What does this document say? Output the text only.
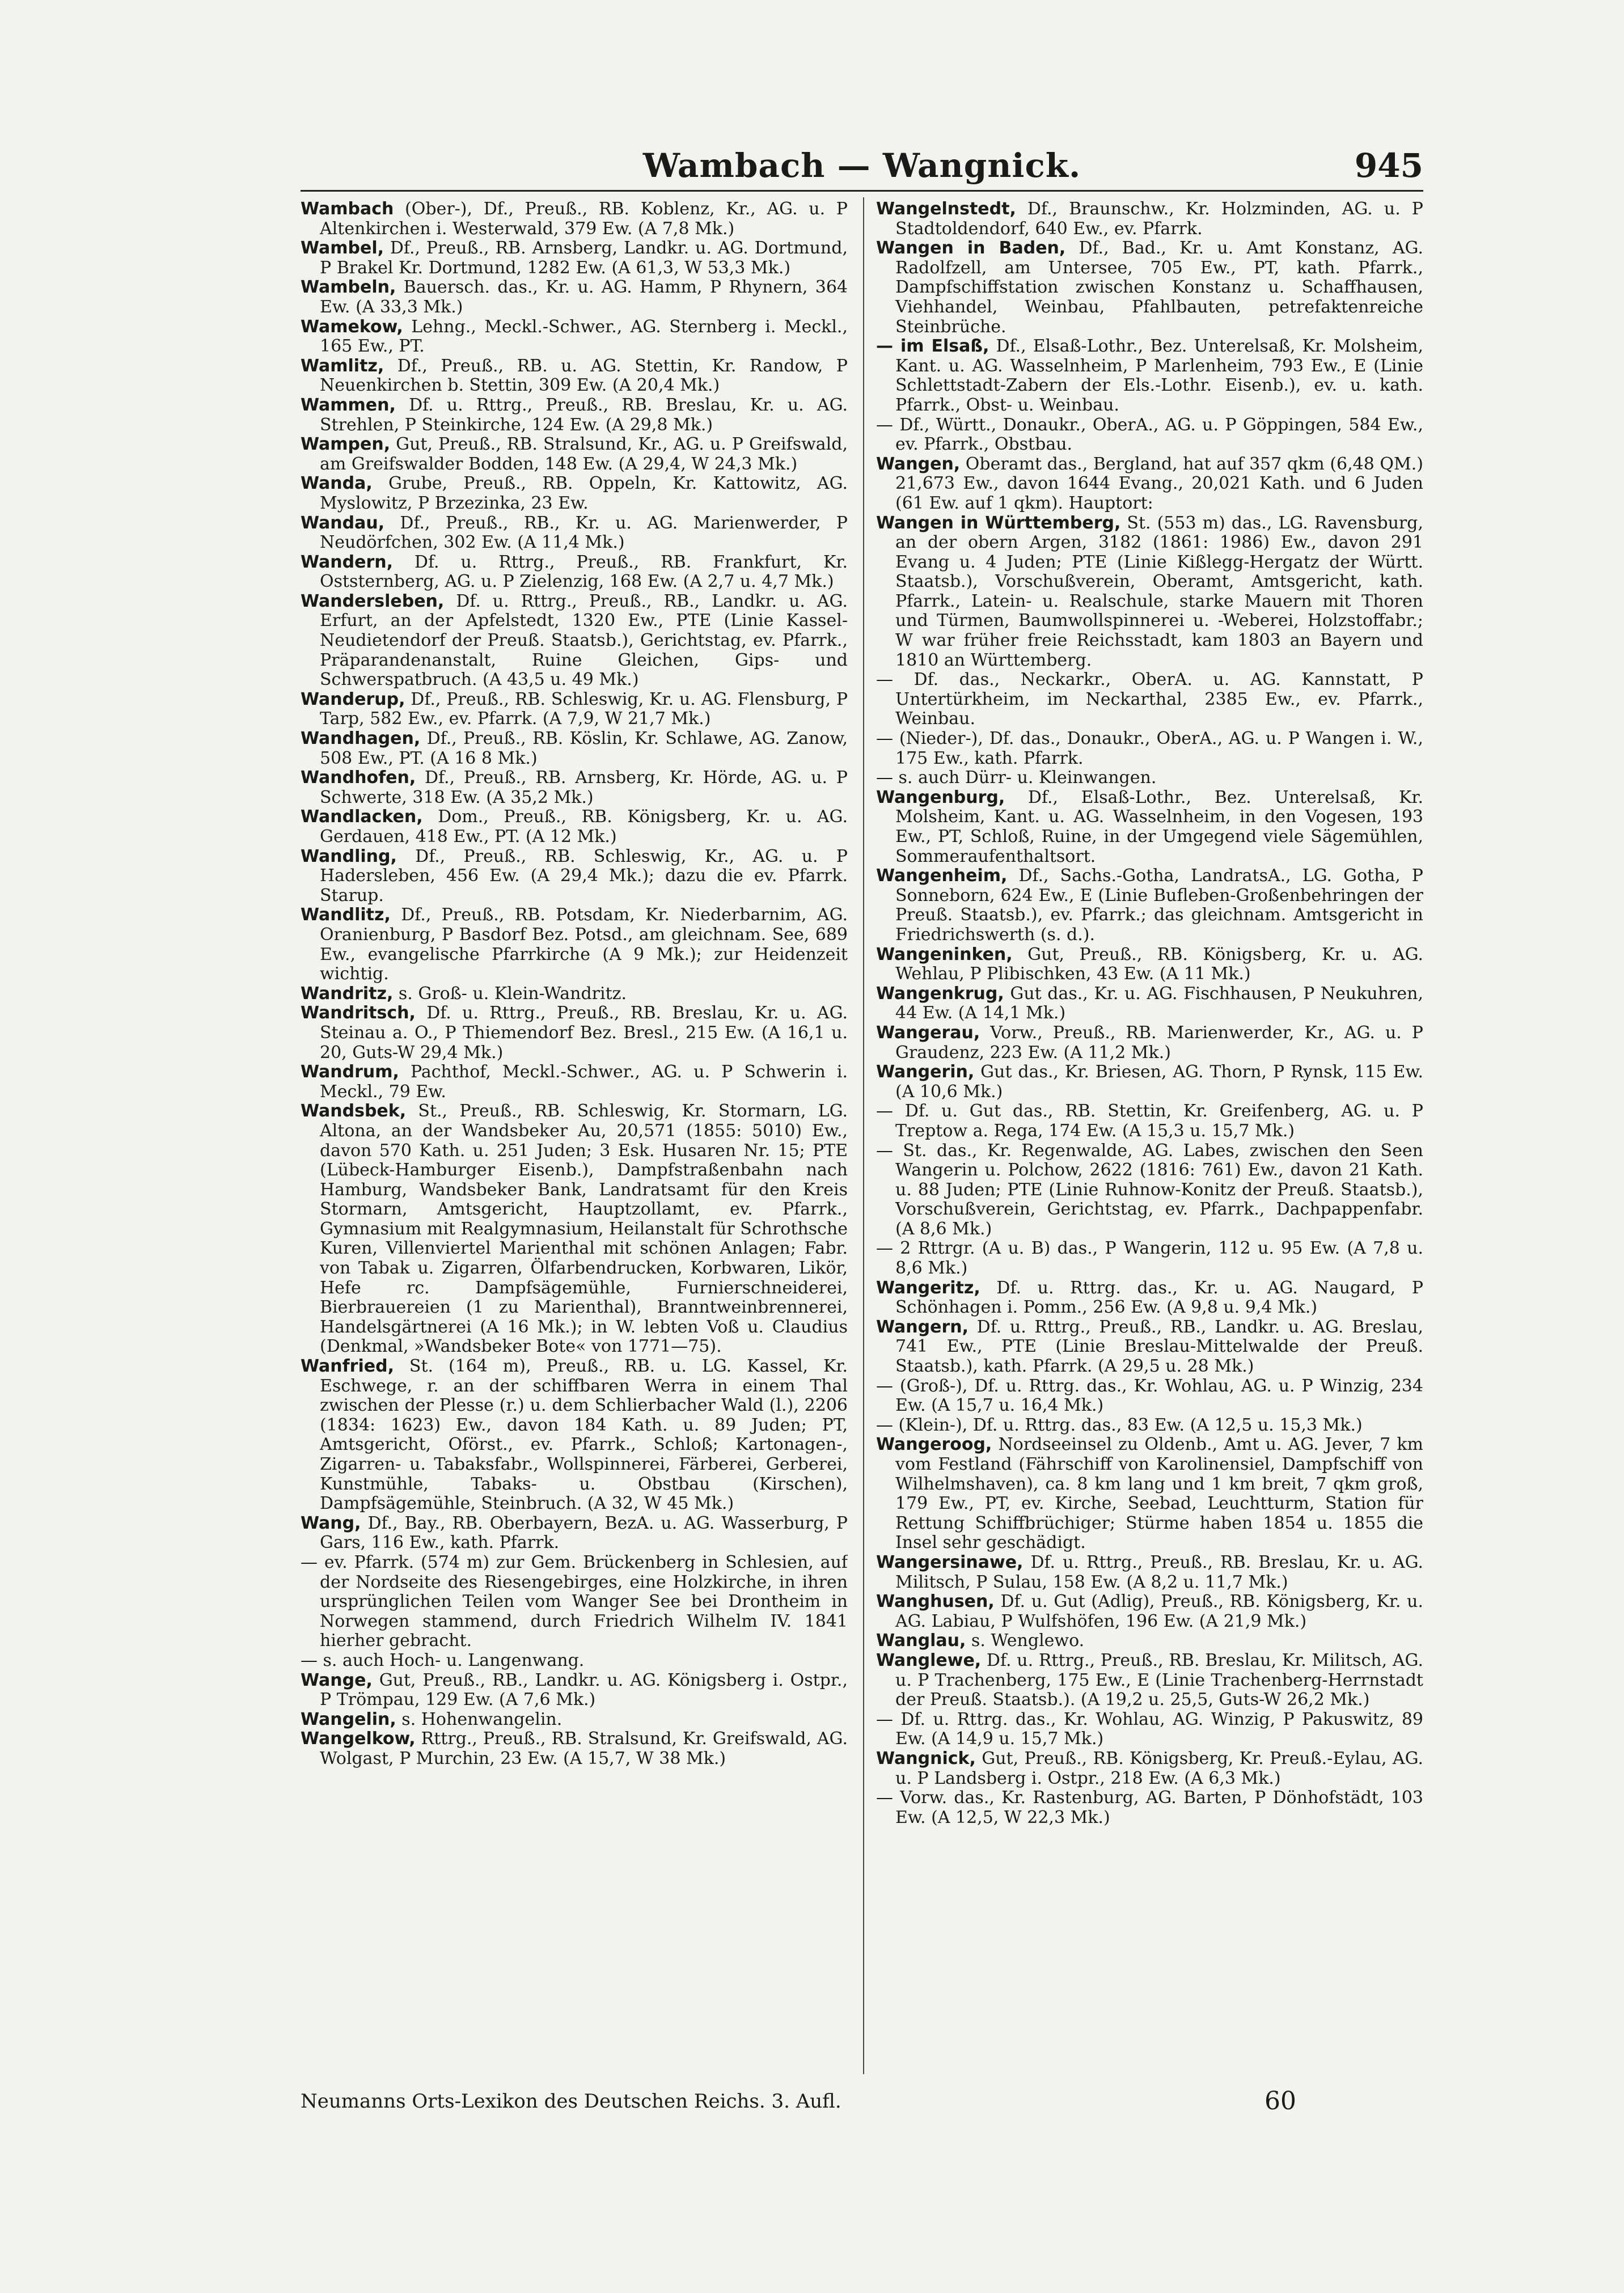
Wambach — Wangnick.	945

Wambach (Ober-), Df., Preuß., RB. Koblenz, Kr., AG. u. P Altenkirchen i. Westerwald, 379 Ew. (A 7,8 Mk.)

Wambel, Df., Preuß., RB. Arnsberg, Landkr. u. AG. Dortmund, P Brakel Kr. Dortmund, 1282 Ew. (A 61,3, W 53,3 Mk.)

Wambeln, Bauersch. das., Kr. u. AG. Hamm, P Rhynern, 364 Ew. (A 33,3 Mk.)

Wamekow, Lehng., Meckl.-Schwer., AG. Sternberg i. Meckl., 165 Ew., PT.

Wamlitz, Df., Preuß., RB. u. AG. Stettin, Kr. Randow, P Neuenkirchen b. Stettin, 309 Ew. (A 20,4 Mk.)

Wammen, Df. u. Rttrg., Preuß., RB. Breslau, Kr. u. AG. Strehlen, P Steinkirche, 124 Ew. (A 29,8 Mk.)

Wampen, Gut, Preuß., RB. Stralsund, Kr., AG. u. P Greifswald, am Greifswalder Bodden, 148 Ew. (A 29,4, W 24,3 Mk.)

Wanda, Grube, Preuß., RB. Oppeln, Kr. Kattowitz, AG. Myslowitz, P Brzezinka, 23 Ew.

Wandau, Df., Preuß., RB., Kr. u. AG. Marienwerder, P Neudörfchen, 302 Ew. (A 11,4 Mk.)

Wandern, Df. u. Rttrg., Preuß., RB. Frankfurt, Kr. Oststernberg, AG. u. P Zielenzig, 168 Ew. (A 2,7 u. 4,7 Mk.)

Wandersleben, Df. u. Rttrg., Preuß., RB., Landkr. u. AG. Erfurt, an der Apfelstedt, 1320 Ew., PTE (Linie Kassel-Neudietendorf der Preuß. Staatsb.), Gerichtstag, ev. Pfarrk., Präparandenanstalt, Ruine Gleichen, Gips- und Schwerspatbruch. (A 43,5 u. 49 Mk.)

Wanderup, Df., Preuß., RB. Schleswig, Kr. u. AG. Flensburg, P Tarp, 582 Ew., ev. Pfarrk. (A 7,9, W 21,7 Mk.)

Wandhagen, Df., Preuß., RB. Köslin, Kr. Schlawe, AG. Zanow, 508 Ew., PT. (A 16 8 Mk.)

Wandhofen, Df., Preuß., RB. Arnsberg, Kr. Hörde, AG. u. P Schwerte, 318 Ew. (A 35,2 Mk.)

Wandlacken, Dom., Preuß., RB. Königsberg, Kr. u. AG. Gerdauen, 418 Ew., PT. (A 12 Mk.)

Wandling, Df., Preuß., RB. Schleswig, Kr., AG. u. P Hadersleben, 456 Ew. (A 29,4 Mk.); dazu die ev. Pfarrk. Starup.

Wandlitz, Df., Preuß., RB. Potsdam, Kr. Niederbarnim, AG. Oranienburg, P Basdorf Bez. Potsd., am gleichnam. See, 689 Ew., evangelische Pfarrkirche (A 9 Mk.); zur Heidenzeit wichtig.

Wandritz, s. Groß- u. Klein-Wandritz.

Wandritsch, Df. u. Rttrg., Preuß., RB. Breslau, Kr. u. AG. Steinau a. O., P Thiemendorf Bez. Bresl., 215 Ew. (A 16,1 u. 20, Guts-W 29,4 Mk.)

Wandrum, Pachthof, Meckl.-Schwer., AG. u. P Schwerin i. Meckl., 79 Ew.

Wandsbek, St., Preuß., RB. Schleswig, Kr. Stormarn, LG. Altona, an der Wandsbeker Au, 20,571 (1855: 5010) Ew., davon 570 Kath. u. 251 Juden; 3 Esk. Husaren Nr. 15; PTE (Lübeck-Hamburger Eisenb.), Dampfstraßenbahn nach Hamburg, Wandsbeker Bank, Landratsamt für den Kreis Stormarn, Amtsgericht, Hauptzollamt, ev. Pfarrk., Gymnasium mit Realgymnasium, Heilanstalt für Schrothsche Kuren, Villenviertel Marienthal mit schönen Anlagen; Fabr. von Tabak u. Zigarren, Ölfarbendrucken, Korbwaren, Likör, Hefe rc. Dampfsägemühle, Furnierschneiderei, Bierbrauereien (1 zu Marienthal), Branntweinbrennerei, Handelsgärtnerei (A 16 Mk.); in W. lebten Voß u. Claudius (Denkmal, »Wandsbeker Bote« von 1771—75).

Wanfried, St. (164 m), Preuß., RB. u. LG. Kassel, Kr. Eschwege, r. an der schiffbaren Werra in einem Thal zwischen der Plesse (r.) u. dem Schlierbacher Wald (l.), 2206 (1834: 1623) Ew., davon 184 Kath. u. 89 Juden; PT, Amtsgericht, Oförst., ev. Pfarrk., Schloß; Kartonagen-, Zigarren- u. Tabaksfabr., Wollspinnerei, Färberei, Gerberei, Kunstmühle, Tabaks- u. Obstbau (Kirschen), Dampfsägemühle, Steinbruch. (A 32, W 45 Mk.)

Wang, Df., Bay., RB. Oberbayern, BezA. u. AG. Wasserburg, P Gars, 116 Ew., kath. Pfarrk.

— ev. Pfarrk. (574 m) zur Gem. Brückenberg in Schlesien, auf der Nordseite des Riesengebirges, eine Holzkirche, in ihren ursprünglichen Teilen vom Wanger See bei Drontheim in Norwegen stammend, durch Friedrich Wilhelm IV. 1841 hierher gebracht.

— s. auch Hoch- u. Langenwang.

Wange, Gut, Preuß., RB., Landkr. u. AG. Königsberg i. Ostpr., P Trömpau, 129 Ew. (A 7,6 Mk.)

Wangelin, s. Hohenwangelin.

Wangelkow, Rttrg., Preuß., RB. Stralsund, Kr. Greifswald, AG. Wolgast, P Murchin, 23 Ew. (A 15,7, W 38 Mk.)

Wangelnstedt, Df., Braunschw., Kr. Holzminden, AG. u. P Stadtoldendorf, 640 Ew., ev. Pfarrk.

Wangen in Baden, Df., Bad., Kr. u. Amt Konstanz, AG. Radolfzell, am Untersee, 705 Ew., PT, kath. Pfarrk., Dampfschiffstation zwischen Konstanz u. Schaffhausen, Viehhandel, Weinbau, Pfahlbauten, petrefaktenreiche Steinbrüche.

— im Elsaß, Df., Elsaß-Lothr., Bez. Unterelsaß, Kr. Molsheim, Kant. u. AG. Wasselnheim, P Marlenheim, 793 Ew., E (Linie Schlettstadt-Zabern der Els.-Lothr. Eisenb.), ev. u. kath. Pfarrk., Obst- u. Weinbau.

— Df., Württ., Donaukr., OberA., AG. u. P Göppingen, 584 Ew., ev. Pfarrk., Obstbau.

Wangen, Oberamt das., Bergland, hat auf 357 qkm (6,48 QM.) 21,673 Ew., davon 1644 Evang., 20,021 Kath. und 6 Juden (61 Ew. auf 1 qkm). Hauptort:

Wangen in Württemberg, St. (553 m) das., LG. Ravensburg, an der obern Argen, 3182 (1861: 1986) Ew., davon 291 Evang u. 4 Juden; PTE (Linie Kißlegg-Hergatz der Württ. Staatsb.), Vorschußverein, Oberamt, Amtsgericht, kath. Pfarrk., Latein- u. Realschule, starke Mauern mit Thoren und Türmen, Baumwollspinnerei u. -Weberei, Holzstoffabr.; W war früher freie Reichsstadt, kam 1803 an Bayern und 1810 an Württemberg.

— Df. das., Neckarkr., OberA. u. AG. Kannstatt, P Untertürkheim, im Neckarthal, 2385 Ew., ev. Pfarrk., Weinbau.

— (Nieder-), Df. das., Donaukr., OberA., AG. u. P Wangen i. W., 175 Ew., kath. Pfarrk.

— s. auch Dürr- u. Kleinwangen.

Wangenburg, Df., Elsaß-Lothr., Bez. Unterelsaß, Kr. Molsheim, Kant. u. AG. Wasselnheim, in den Vogesen, 193 Ew., PT, Schloß, Ruine, in der Umgegend viele Sägemühlen, Sommeraufenthaltsort.

Wangenheim, Df., Sachs.-Gotha, LandratsA., LG. Gotha, P Sonneborn, 624 Ew., E (Linie Bufleben-Großenbehringen der Preuß. Staatsb.), ev. Pfarrk.; das gleichnam. Amtsgericht in Friedrichswerth (s. d.).

Wangeninken, Gut, Preuß., RB. Königsberg, Kr. u. AG. Wehlau, P Plibischken, 43 Ew. (A 11 Mk.)

Wangenkrug, Gut das., Kr. u. AG. Fischhausen, P Neukuhren, 44 Ew. (A 14,1 Mk.)

Wangerau, Vorw., Preuß., RB. Marienwerder, Kr., AG. u. P Graudenz, 223 Ew. (A 11,2 Mk.)

Wangerin, Gut das., Kr. Briesen, AG. Thorn, P Rynsk, 115 Ew. (A 10,6 Mk.)

— Df. u. Gut das., RB. Stettin, Kr. Greifenberg, AG. u. P Treptow a. Rega, 174 Ew. (A 15,3 u. 15,7 Mk.)

— St. das., Kr. Regenwalde, AG. Labes, zwischen den Seen Wangerin u. Polchow, 2622 (1816: 761) Ew., davon 21 Kath. u. 88 Juden; PTE (Linie Ruhnow-Konitz der Preuß. Staatsb.), Vorschußverein, Gerichtstag, ev. Pfarrk., Dachpappenfabr. (A 8,6 Mk.)

— 2 Rttrgr. (A u. B) das., P Wangerin, 112 u. 95 Ew. (A 7,8 u. 8,6 Mk.)

Wangeritz, Df. u. Rttrg. das., Kr. u. AG. Naugard, P Schönhagen i. Pomm., 256 Ew. (A 9,8 u. 9,4 Mk.)

Wangern, Df. u. Rttrg., Preuß., RB., Landkr. u. AG. Breslau, 741 Ew., PTE (Linie Breslau-Mittelwalde der Preuß. Staatsb.), kath. Pfarrk. (A 29,5 u. 28 Mk.)

— (Groß-), Df. u. Rttrg. das., Kr. Wohlau, AG. u. P Winzig, 234 Ew. (A 15,7 u. 16,4 Mk.)

— (Klein-), Df. u. Rttrg. das., 83 Ew. (A 12,5 u. 15,3 Mk.)

Wangeroog, Nordseeinsel zu Oldenb., Amt u. AG. Jever, 7 km vom Festland (Fährschiff von Karolinensiel, Dampfschiff von Wilhelmshaven), ca. 8 km lang und 1 km breit, 7 qkm groß, 179 Ew., PT, ev. Kirche, Seebad, Leuchtturm, Station für Rettung Schiffbrüchiger; Stürme haben 1854 u. 1855 die Insel sehr geschädigt.

Wangersinawe, Df. u. Rttrg., Preuß., RB. Breslau, Kr. u. AG. Militsch, P Sulau, 158 Ew. (A 8,2 u. 11,7 Mk.)

Wanghusen, Df. u. Gut (Adlig), Preuß., RB. Königsberg, Kr. u. AG. Labiau, P Wulfshöfen, 196 Ew. (A 21,9 Mk.)

Wanglau, s. Wenglewo.

Wanglewe, Df. u. Rttrg., Preuß., RB. Breslau, Kr. Militsch, AG. u. P Trachenberg, 175 Ew., E (Linie Trachenberg-Herrnstadt der Preuß. Staatsb.). (A 19,2 u. 25,5, Guts-W 26,2 Mk.)

— Df. u. Rttrg. das., Kr. Wohlau, AG. Winzig, P Pakuswitz, 89 Ew. (A 14,9 u. 15,7 Mk.)

Wangnick, Gut, Preuß., RB. Königsberg, Kr. Preuß.-Eylau, AG. u. P Landsberg i. Ostpr., 218 Ew. (A 6,3 Mk.)

— Vorw. das., Kr. Rastenburg, AG. Barten, P Dönhofstädt, 103 Ew. (A 12,5, W 22,3 Mk.)

Neumanns Orts-Lexikon des Deutschen Reichs. 3. Aufl.	60
